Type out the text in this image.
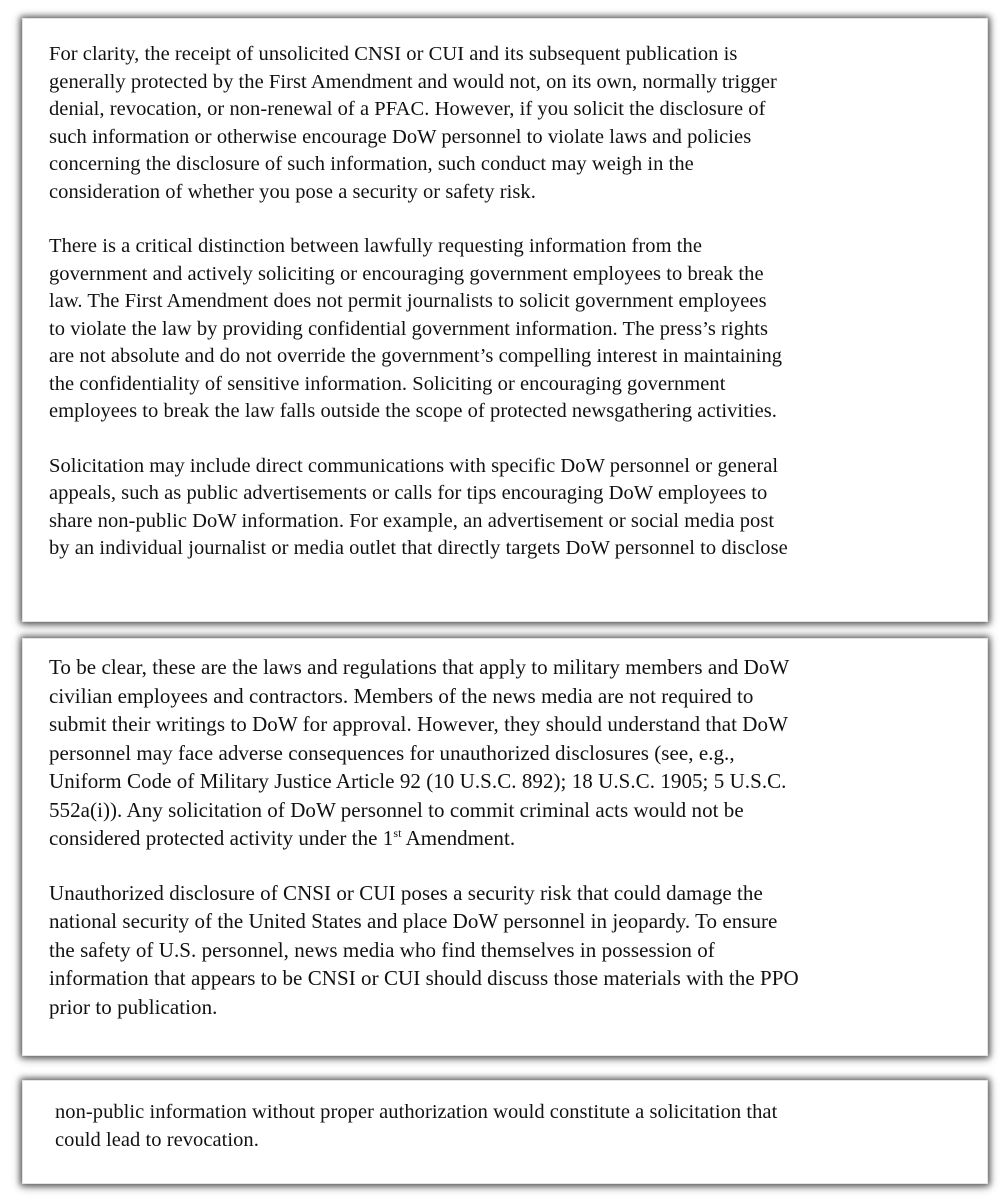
For clarity, the receipt of unsolicited CNSI or CUI and its subsequent publication is
generally protected by the First Amendment and would not, on its own, normally trigger
denial, revocation, or non-renewal of a PFAC. However, if you solicit the disclosure of
such information or otherwise encourage DoW personnel to violate laws and policies
concerning the disclosure of such information, such conduct may weigh in the
consideration of whether you pose a security or safety risk.

There is a critical distinction between lawfully requesting information from the
government and actively soliciting or encouraging government employees to break the
law. The First Amendment does not permit journalists to solicit government employees
to violate the law by providing confidential government information. The press’s rights
are not absolute and do not override the government’s compelling interest in maintaining
the confidentiality of sensitive information. Soliciting or encouraging government
employees to break the law falls outside the scope of protected newsgathering activities.

Solicitation may include direct communications with specific DoW personnel or general
appeals, such as public advertisements or calls for tips encouraging DoW employees to
share non-public DoW information. For example, an advertisement or social media post
by an individual journalist or media outlet that directly targets DoW personnel to disclose

To be clear, these are the laws and regulations that apply to military members and DoW
civilian employees and contractors. Members of the news media are not required to
submit their writings to DoW for approval. However, they should understand that DoW
personnel may face adverse consequences for unauthorized disclosures (see, e.g.,
Uniform Code of Military Justice Article 92 (10 U.S.C. 892); 18 U.S.C. 1905; 5 U.S.C.
552a(i)). Any solicitation of DoW personnel to commit criminal acts would not be
considered protected activity under the 1st Amendment.

Unauthorized disclosure of CNSI or CUI poses a security risk that could damage the
national security of the United States and place DoW personnel in jeopardy. To ensure
the safety of U.S. personnel, news media who find themselves in possession of
information that appears to be CNSI or CUI should discuss those materials with the PPO
prior to publication.

non-public information without proper authorization would constitute a solicitation that
could lead to revocation.
